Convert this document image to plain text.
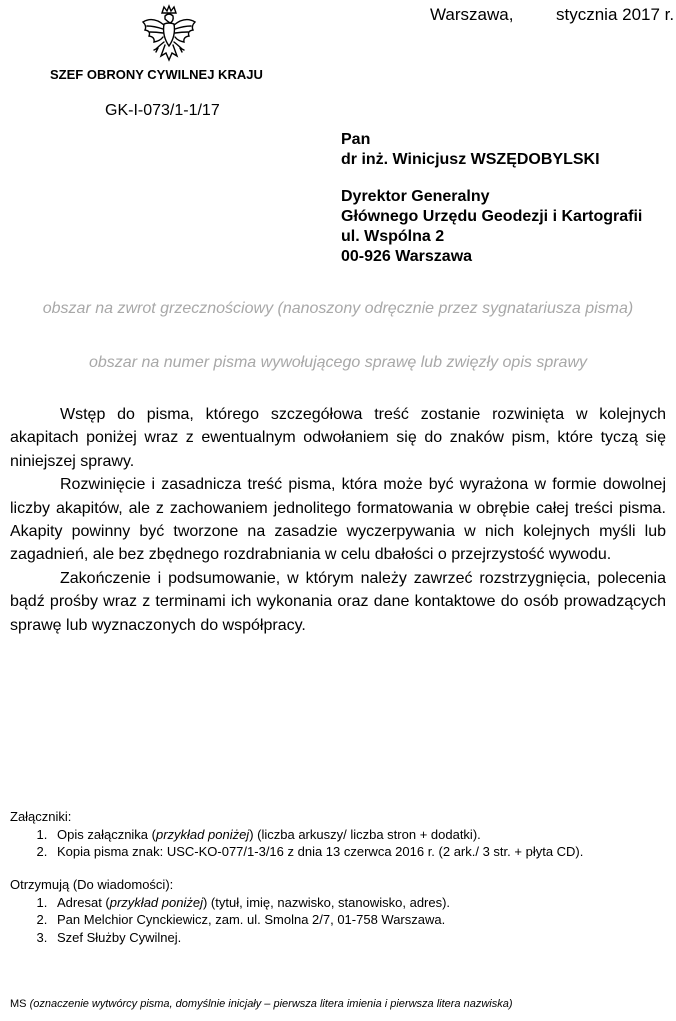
Warszawa,	stycznia 2017 r.
SZEF OBRONY CYWILNEJ KRAJU
GK-I-073/1-1/17
Pan
dr inż. Winicjusz WSZĘDOBYLSKI
Dyrektor Generalny
Głównego Urzędu Geodezji i Kartografii
ul. Wspólna 2
00-926 Warszawa
obszar na zwrot grzecznościowy (nanoszony odręcznie przez sygnatariusza pisma)
obszar na numer pisma wywołującego sprawę lub zwięzły opis sprawy

Wstęp do pisma, którego szczegółowa treść zostanie rozwinięta w kolejnych akapitach poniżej wraz z ewentualnym odwołaniem się do znaków pism, które tyczą się niniejszej sprawy.

Rozwinięcie i zasadnicza treść pisma, która może być wyrażona w formie dowolnej liczby akapitów, ale z zachowaniem jednolitego formatowania w obrębie całej treści pisma. Akapity powinny być tworzone na zasadzie wyczerpywania w nich kolejnych myśli lub zagadnień, ale bez zbędnego rozdrabniania w celu dbałości o przejrzystość wywodu.

Zakończenie i podsumowanie, w którym należy zawrzeć rozstrzygnięcia, polecenia bądź prośby wraz z terminami ich wykonania oraz dane kontaktowe do osób prowadzących sprawę lub wyznaczonych do współpracy.

Załączniki:
1. Opis załącznika (przykład poniżej) (liczba arkuszy/ liczba stron + dodatki).
2. Kopia pisma znak: USC-KO-077/1-3/16 z dnia 13 czerwca 2016 r. (2 ark./ 3 str. + płyta CD).
Otrzymują (Do wiadomości):
1. Adresat (przykład poniżej) (tytuł, imię, nazwisko, stanowisko, adres).
2. Pan Melchior Cynckiewicz, zam. ul. Smolna 2/7, 01-758 Warszawa.
3. Szef Służby Cywilnej.
MS (oznaczenie wytwórcy pisma, domyślnie inicjały – pierwsza litera imienia i pierwsza litera nazwiska)
